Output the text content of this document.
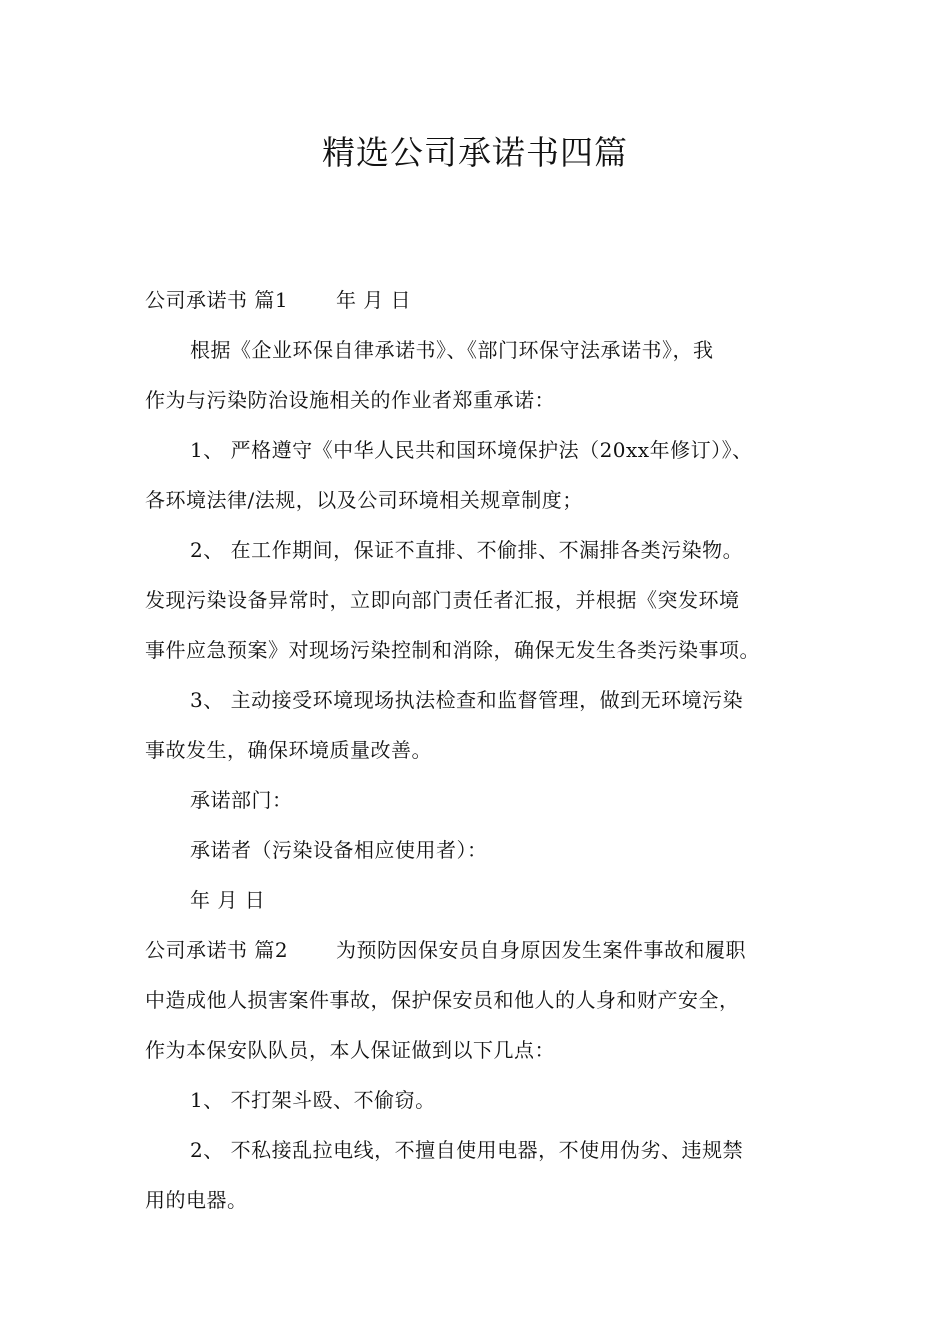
精选公司承诺书四篇
公司承诺书 篇1　　 年 月 日
根据《企业环保自律承诺书》、《部门环保守法承诺书》，我
作为与污染防治设施相关的作业者郑重承诺：
1、 严格遵守《中华人民共和国环境保护法（20xx年修订）》、
各环境法律/法规，以及公司环境相关规章制度；
2、 在工作期间，保证不直排、不偷排、不漏排各类污染物。
发现污染设备异常时，立即向部门责任者汇报，并根据《突发环境
事件应急预案》对现场污染控制和消除，确保无发生各类污染事项。
3、 主动接受环境现场执法检查和监督管理，做到无环境污染
事故发生，确保环境质量改善。
承诺部门：
承诺者（污染设备相应使用者）：
年 月 日
公司承诺书 篇2　　 为预防因保安员自身原因发生案件事故和履职
中造成他人损害案件事故，保护保安员和他人的人身和财产安全，
作为本保安队队员，本人保证做到以下几点：
1、 不打架斗殴、不偷窃。
2、 不私接乱拉电线，不擅自使用电器，不使用伪劣、违规禁
用的电器。
